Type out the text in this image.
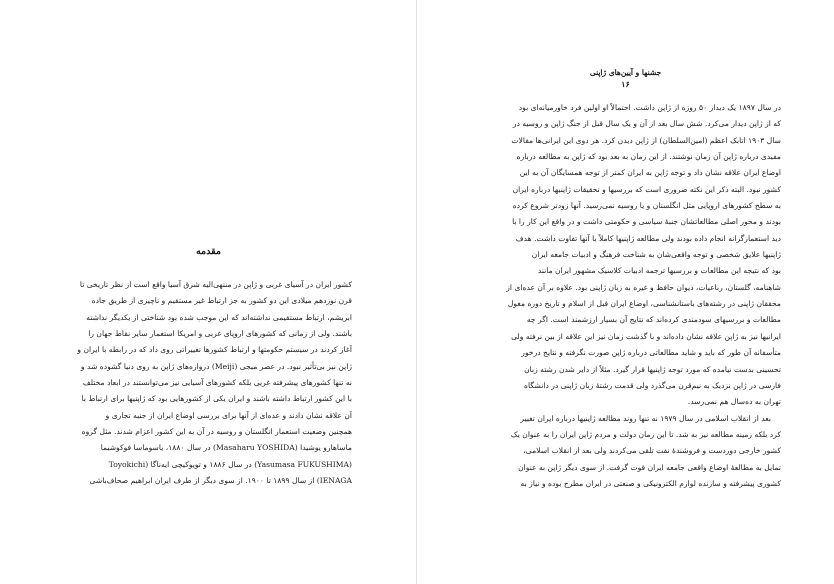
مقدمه

کشور ایران در آسیای غربی و ژاپن در منتهی‌الیه شرق آسیا واقع است از نظر تاریخی تا
قرن نوزدهم میلادی این دو کشور به جز ارتباط غیر مستقیم و ناچیزی از طریق جاده
ابریشم، ارتباط مستقیمی نداشته‌اند که این موجب شده بود شناختی از یکدیگر نداشته
باشند. ولی از زمانی که کشورهای اروپای غربی و امریکا استعمار سایر نقاط جهان را
آغاز کردند در سیستم حکومتها و ارتباط کشورها تغییراتی روی داد که در رابطه با ایران و
ژاپن نیز بی‌تأثیر نبود. در عصر میجی (Meiji) دروازه‌های ژاپن به روی دنیا گشوده شد و
نه تنها کشورهای پیشرفته غربی بلکه کشورهای آسیایی نیز می‌توانستند در ابعاد مختلف
با این کشور ارتباط داشته باشند و ایران یکی از کشورهایی بود که ژاپنیها برای ارتباط با
آن علاقه نشان دادند و عده‌ای از آنها برای بررسی اوضاع ایران از جنبه تجاری و
همچنین وضعیت استعمار انگلستان و روسیه در آن به این کشور اعزام شدند. مثل گروه
ماساهارو یوشیدا (Masaharu YOSHIDA) در سال ۱۸۸۰، یاسوماسا فوکوشیما
(Yasumasa FUKUSHIMA) در سال ۱۸۸۶ و تویوکیچی ایه‌ناگا (Toyokichi
IENAGA) از سال ۱۸۹۹ تا ۱۹۰۰. از سوی دیگر از طرف ایران ابراهیم صحاف‌باشی

جشنها و آیین‌های ژاپنی
۱۶

در سال ۱۸۹۷ یک دیدار ۵۰ روزه از ژاپن داشت. احتمالاً او اولین فرد خاورمیانه‌ای بود
که از ژاپن دیدار می‌کرد. شش سال بعد از آن و یک سال قبل از جنگ ژاپن و روسیه در
سال ۱۹۰۳ اتابک اعظم (امین‌السلطان) از ژاپن دیدن کرد. هر دوی این ایرانی‌ها مقالات
مفیدی درباره ژاپن آن زمان نوشتند. از این زمان به بعد بود که ژاپن به مطالعه درباره
اوضاع ایران علاقه نشان داد و توجه ژاپن به ایران کمتر از توجه همسایگان آن به این
کشور نبود. البته ذکر این نکته ضروری است که بررسیها و تحقیقات ژاپنیها درباره ایران
به سطح کشورهای اروپایی مثل انگلستان و یا روسیه نمی‌رسید. آنها زودتر شروع کرده
بودند و محور اصلی مطالعاتشان جنبهٔ سیاسی و حکومتی داشت و در واقع این کار را با
دید استعمارگرانه انجام داده بودند ولی مطالعه ژاپنیها کاملاً با آنها تفاوت داشت. هدف
ژاپنیها علایق شخصی و توجه واقعی‌شان به شناخت فرهنگ و ادبیات جامعه ایران
بود که نتیجه این مطالعات و بررسیها ترجمه ادبیات کلاسیک مشهور ایران مانند
شاهنامه، گلستان، رباعیات، دیوان حافظ و غیره به زبان ژاپنی بود. علاوه بر آن عده‌ای از
محققان ژاپنی در رشته‌های باستانشناسی، اوضاع ایران قبل از اسلام و تاریخ دوره مغول
مطالعات و بررسیهای سودمندی کرده‌اند که نتایج آن بسیار ارزشمند است. اگر چه
ایرانیها نیز به ژاپن علاقه نشان داده‌اند و با گذشت زمان نیز این علاقه از بین نرفته ولی
متأسفانه آن طور که باید و شاید مطالعاتی درباره ژاپن صورت نگرفته و نتایج درخور
تحسینی بدست نیامده که مورد توجه ژاپنیها قرار گیرد. مثلاً از دایر شدن رشته زبان
فارسی در ژاپن نزدیک به نیم‌قرن می‌گذرد ولی قدمت رشتهٔ زبان ژاپنی در دانشگاه
تهران به ده‌سال هم نمی‌رسد.

بعد از انقلاب اسلامی در سال ۱۹۷۹ نه تنها روند مطالعه ژاپنیها درباره ایران تغییر
کرد بلکه زمینه مطالعه نیز به شد. تا این زمان دولت و مردم ژاپن ایران را به عنوان یک
کشور خارجی دوردست و فروشندهٔ نفت تلقی می‌کردند ولی بعد از انقلاب اسلامی،
تمایل به مطالعهٔ اوضاع واقعی جامعه ایران قوت گرفت. از سوی دیگر ژاپن به عنوان
کشوری پیشرفته و سازنده لوازم الکترونیکی و صنعتی در ایران مطرح بوده و نیاز به
